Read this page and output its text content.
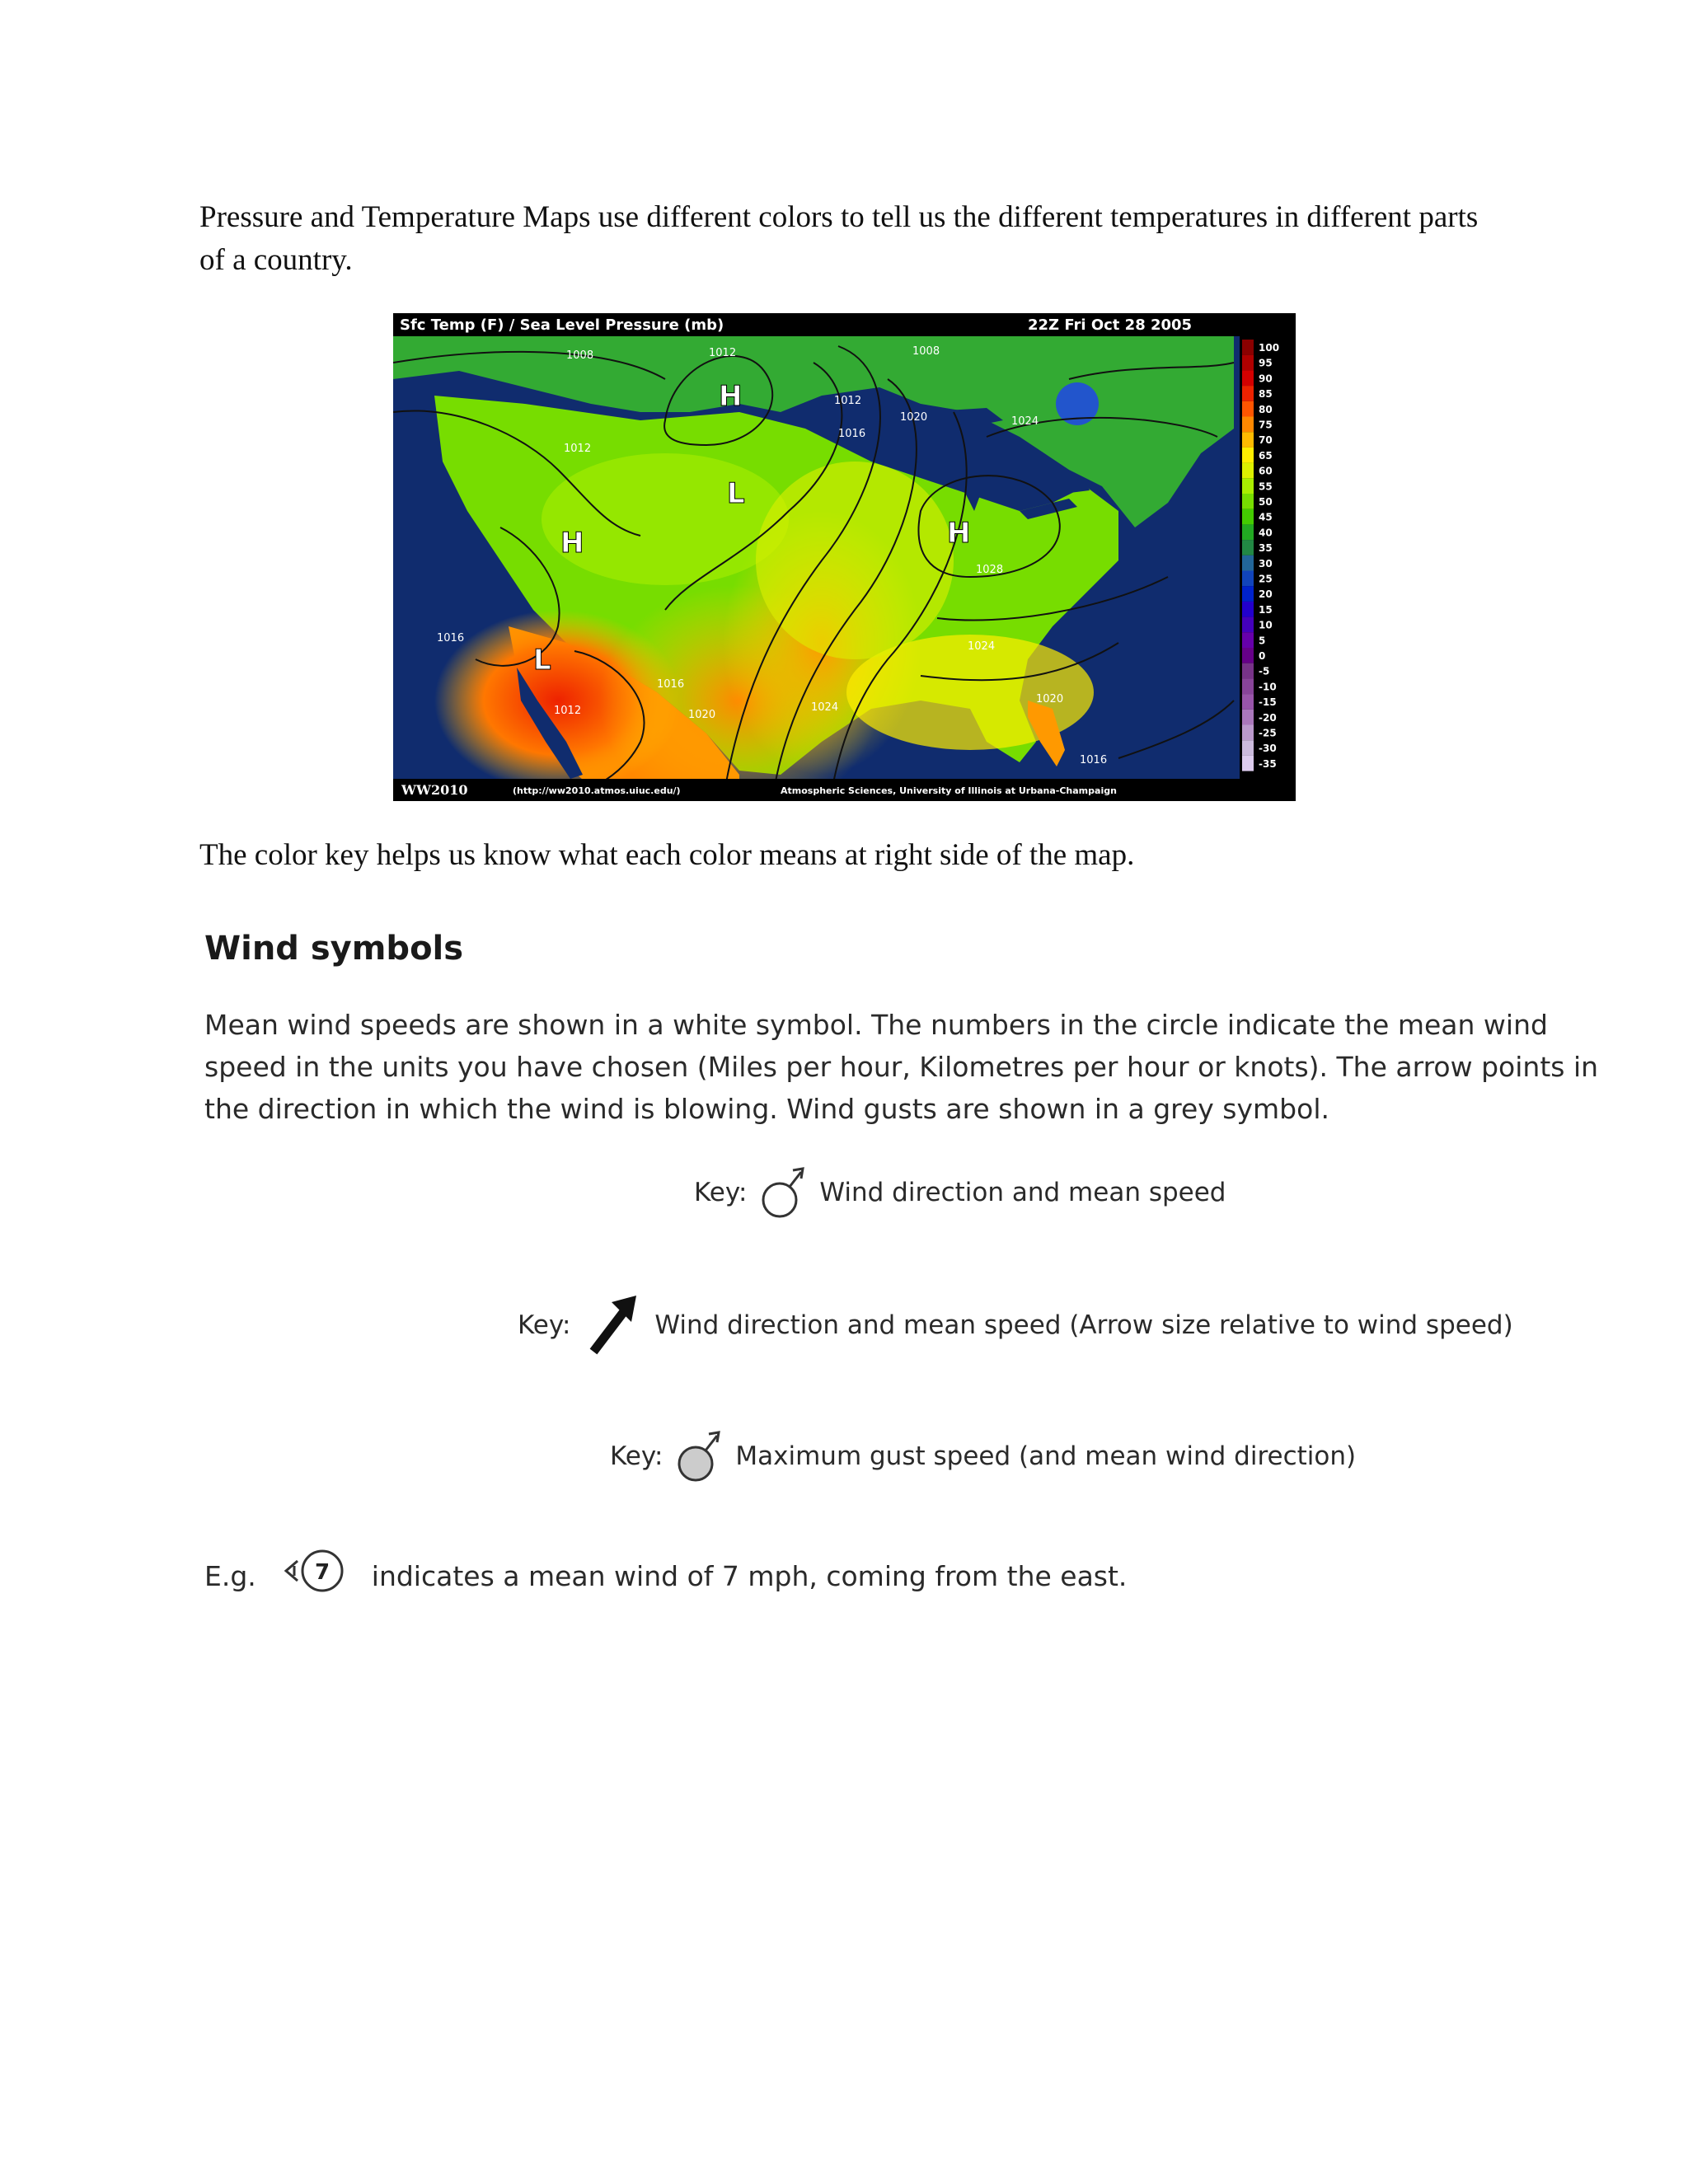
Pressure and Temperature Maps use different colors to tell us the different temperatures in different parts of a country.
Sfc Temp (F) / Sea Level Pressure (mb)	22Z Fri Oct 28 2005
WW2010	(http://ww2010.atmos.uiuc.edu/)	Atmospheric Sciences, University of Illinois at Urbana-Champaign
H
H	H
L
L
1008	1012	1008
1012
1016
1020	1024
1012
1028
1024
1016
1012
1016
1020
1024
1020
1016
100
95
90
85
80
75
70
65
60
55
50
45
40
35
30
25
20
15
10
5
0
-5
-10
-15
-20
-25
-30
-35
The color key helps us know what each color means at right side of the map.
Wind symbols
Mean wind speeds are shown in a white symbol. The numbers in the circle indicate the mean wind speed in the units you have chosen (Miles per hour, Kilometres per hour or knots). The arrow points in the direction in which the wind is blowing. Wind gusts are shown in a grey symbol.
Key:	Wind direction and mean speed
Key:	Wind direction and mean speed (Arrow size relative to wind speed)
Key:	Maximum gust speed (and mean wind direction)
E.g.	7 indicates a mean wind of 7 mph, coming from the east.
